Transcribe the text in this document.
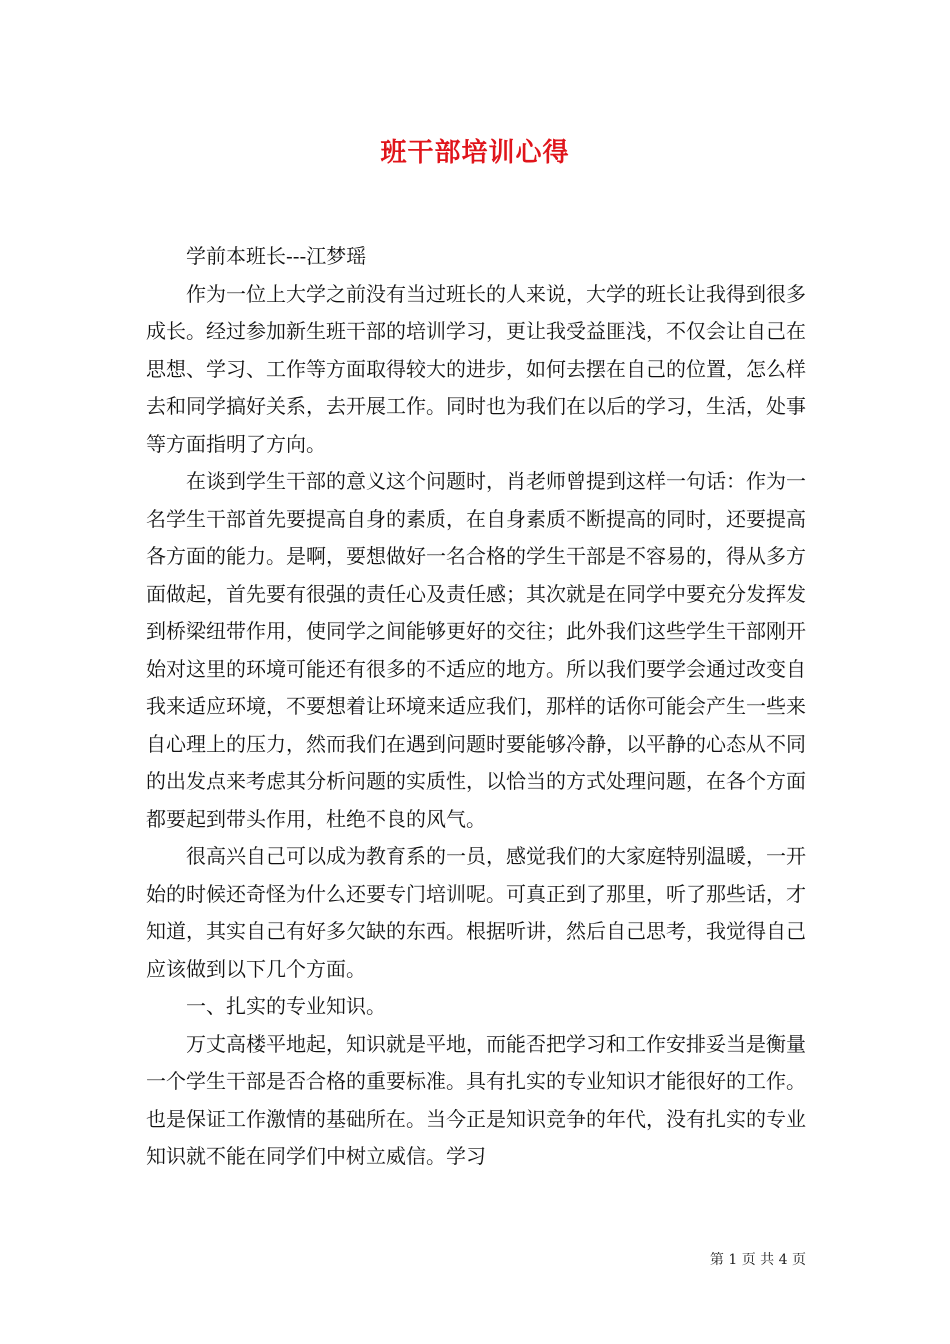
班干部培训心得

学前本班长---江梦瑶

作为一位上大学之前没有当过班长的人来说，大学的班长让我得到很多成长。经过参加新生班干部的培训学习，更让我受益匪浅，不仅会让自己在思想、学习、工作等方面取得较大的进步，如何去摆在自己的位置，怎么样去和同学搞好关系，去开展工作。同时也为我们在以后的学习，生活，处事等方面指明了方向。

在谈到学生干部的意义这个问题时，肖老师曾提到这样一句话：作为一名学生干部首先要提高自身的素质，在自身素质不断提高的同时，还要提高各方面的能力。是啊，要想做好一名合格的学生干部是不容易的，得从多方面做起，首先要有很强的责任心及责任感；其次就是在同学中要充分发挥发到桥梁纽带作用，使同学之间能够更好的交往；此外我们这些学生干部刚开始对这里的环境可能还有很多的不适应的地方。所以我们要学会通过改变自我来适应环境，不要想着让环境来适应我们，那样的话你可能会产生一些来自心理上的压力，然而我们在遇到问题时要能够冷静，以平静的心态从不同的出发点来考虑其分析问题的实质性，以恰当的方式处理问题，在各个方面都要起到带头作用，杜绝不良的风气。

很高兴自己可以成为教育系的一员，感觉我们的大家庭特别温暖，一开始的时候还奇怪为什么还要专门培训呢。可真正到了那里，听了那些话，才知道，其实自己有好多欠缺的东西。根据听讲，然后自己思考，我觉得自己应该做到以下几个方面。

一、扎实的专业知识。

万丈高楼平地起，知识就是平地，而能否把学习和工作安排妥当是衡量一个学生干部是否合格的重要标准。具有扎实的专业知识才能很好的工作。也是保证工作激情的基础所在。当今正是知识竞争的年代，没有扎实的专业知识就不能在同学们中树立威信。学习

第 1 页 共 4 页
